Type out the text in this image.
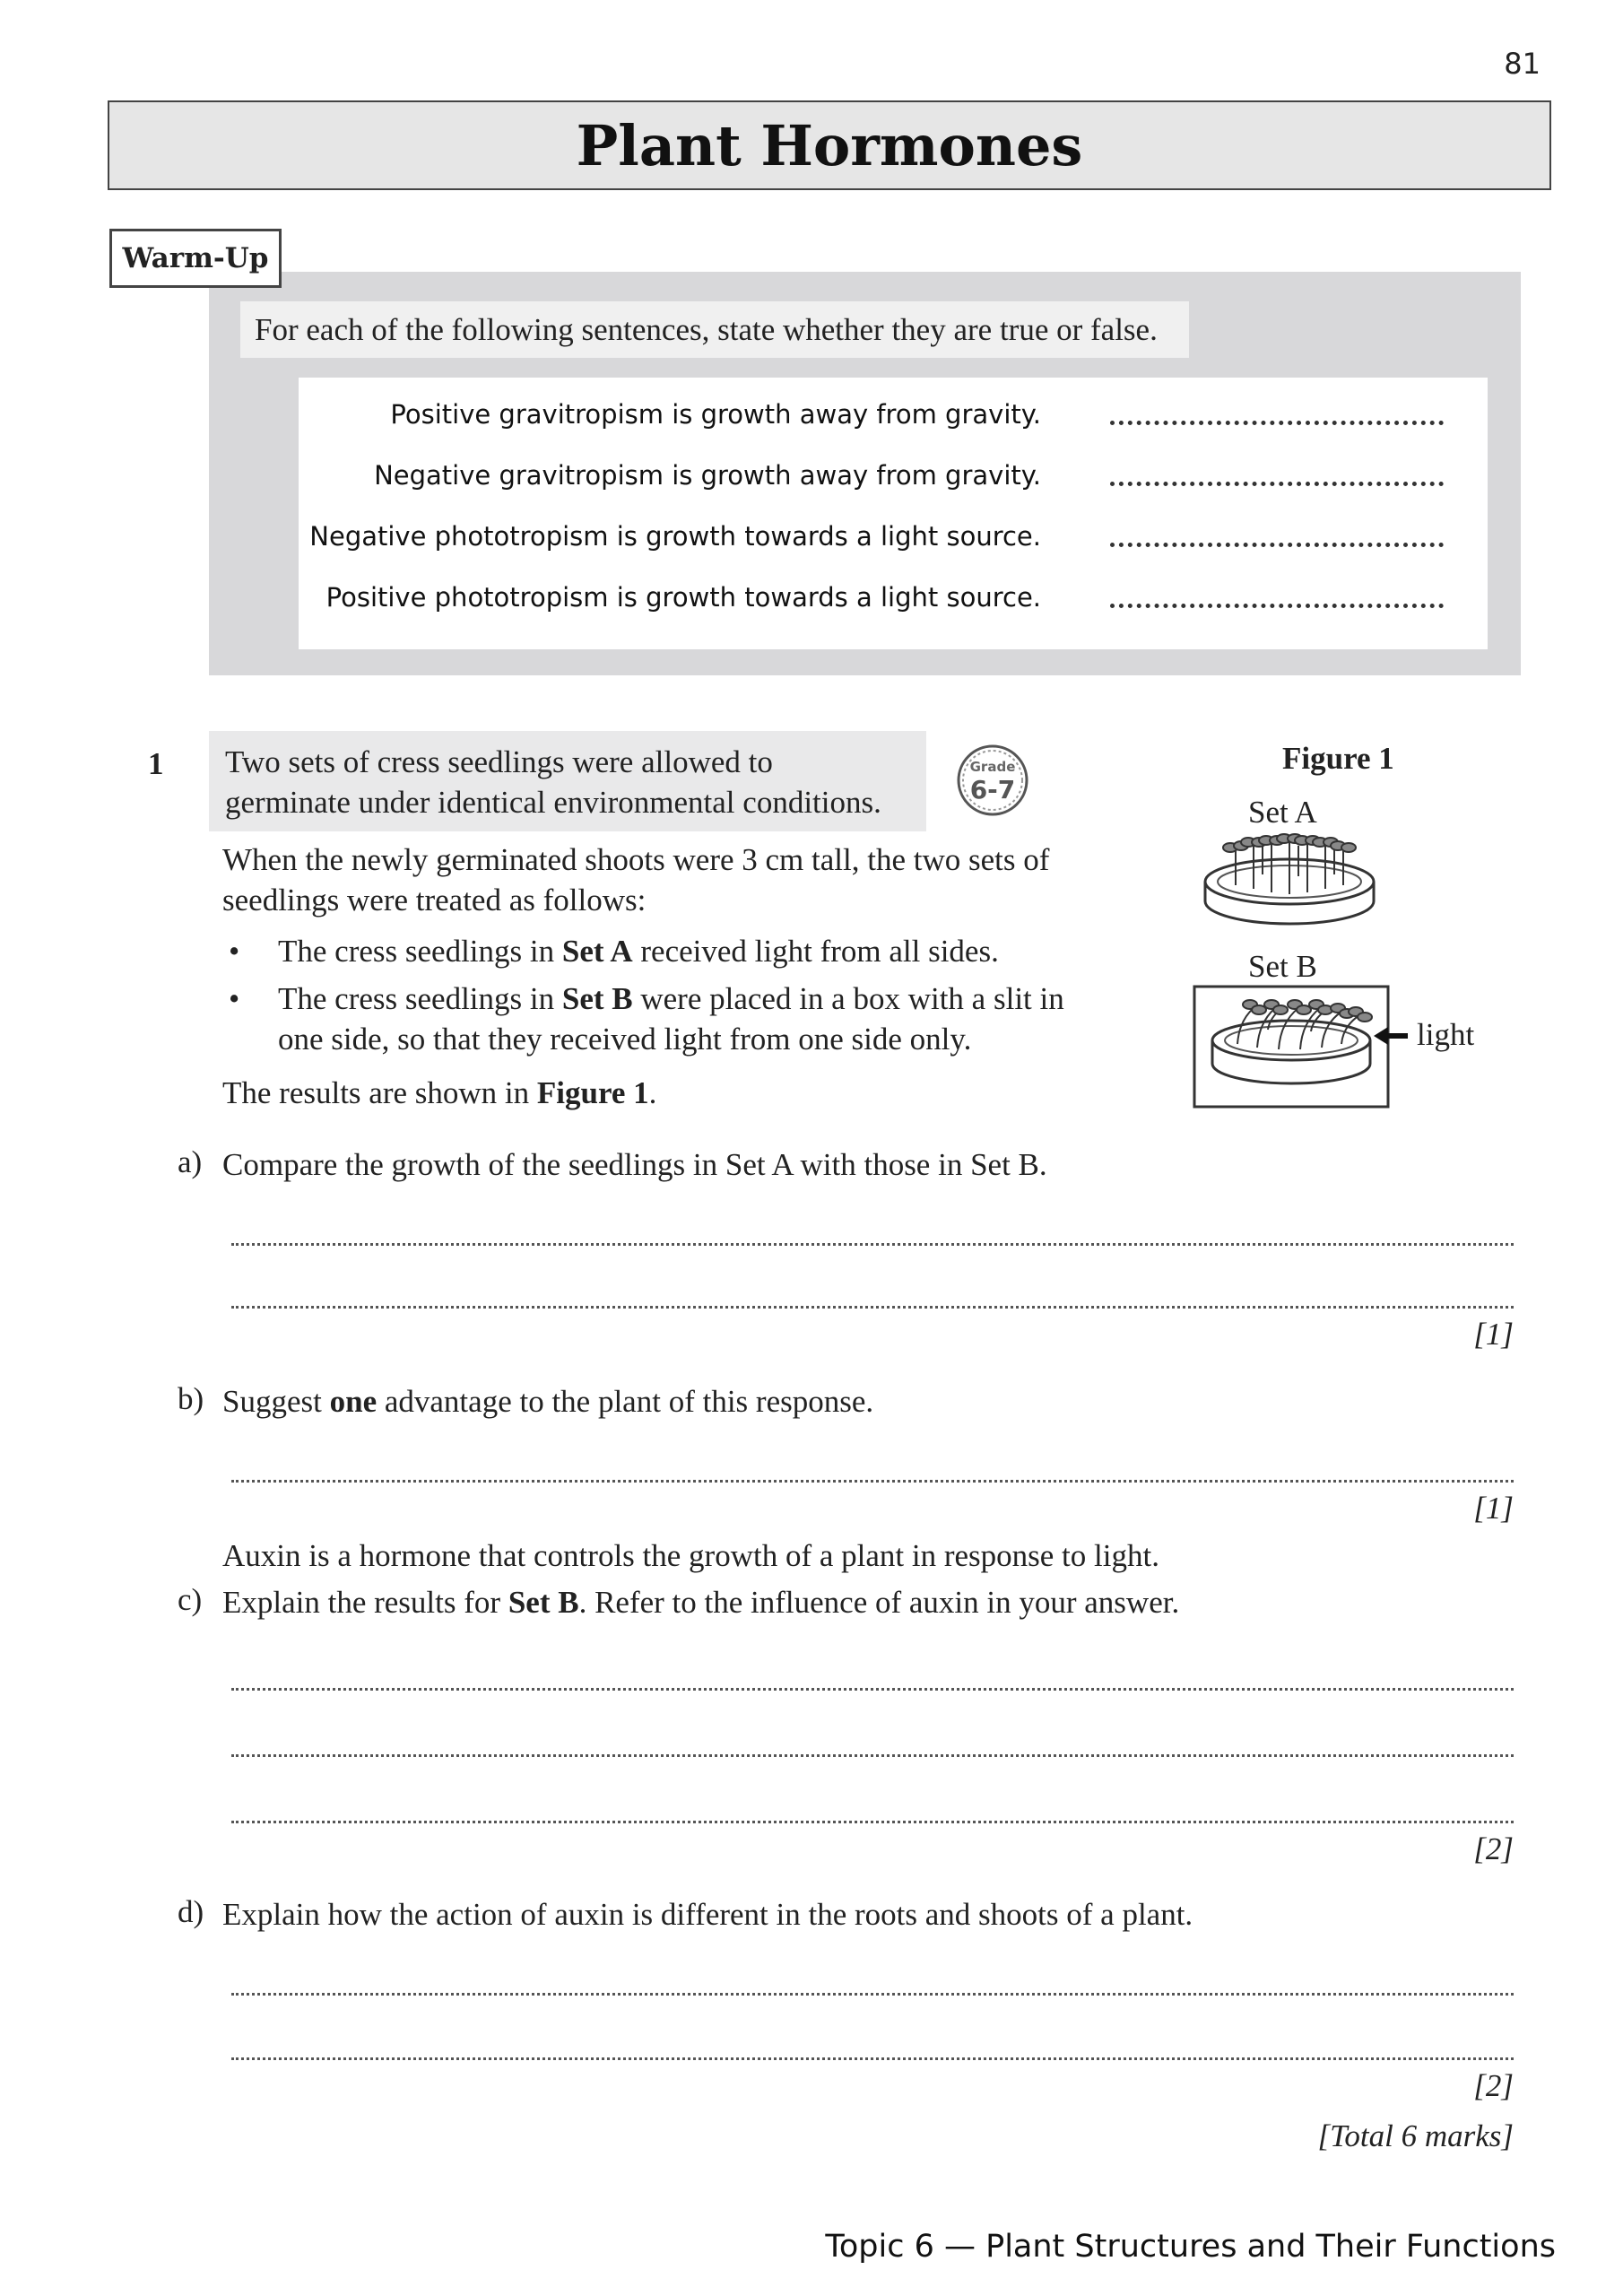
81
Plant Hormones
Warm-Up
For each of the following sentences, state whether they are true or false.
Positive gravitropism is growth away from gravity.
Negative gravitropism is growth away from gravity.
Negative phototropism is growth towards a light source.
Positive phototropism is growth towards a light source.
1 Two sets of cress seedlings were allowed to
germinate under identical environmental conditions.
Grade
6-7
When the newly germinated shoots were 3 cm tall, the two sets of
seedlings were treated as follows:
• The cress seedlings in Set A received light from all sides.
• The cress seedlings in Set B were placed in a box with a slit in
one side, so that they received light from one side only.
The results are shown in Figure 1.
Figure 1
Set A
Set B
light
a) Compare the growth of the seedlings in Set A with those in Set B.
[1]
b) Suggest one advantage to the plant of this response.
[1]
Auxin is a hormone that controls the growth of a plant in response to light.
c) Explain the results for Set B. Refer to the influence of auxin in your answer.
[2]
d) Explain how the action of auxin is different in the roots and shoots of a plant.
[2]
[Total 6 marks]
Topic 6 — Plant Structures and Their Functions
